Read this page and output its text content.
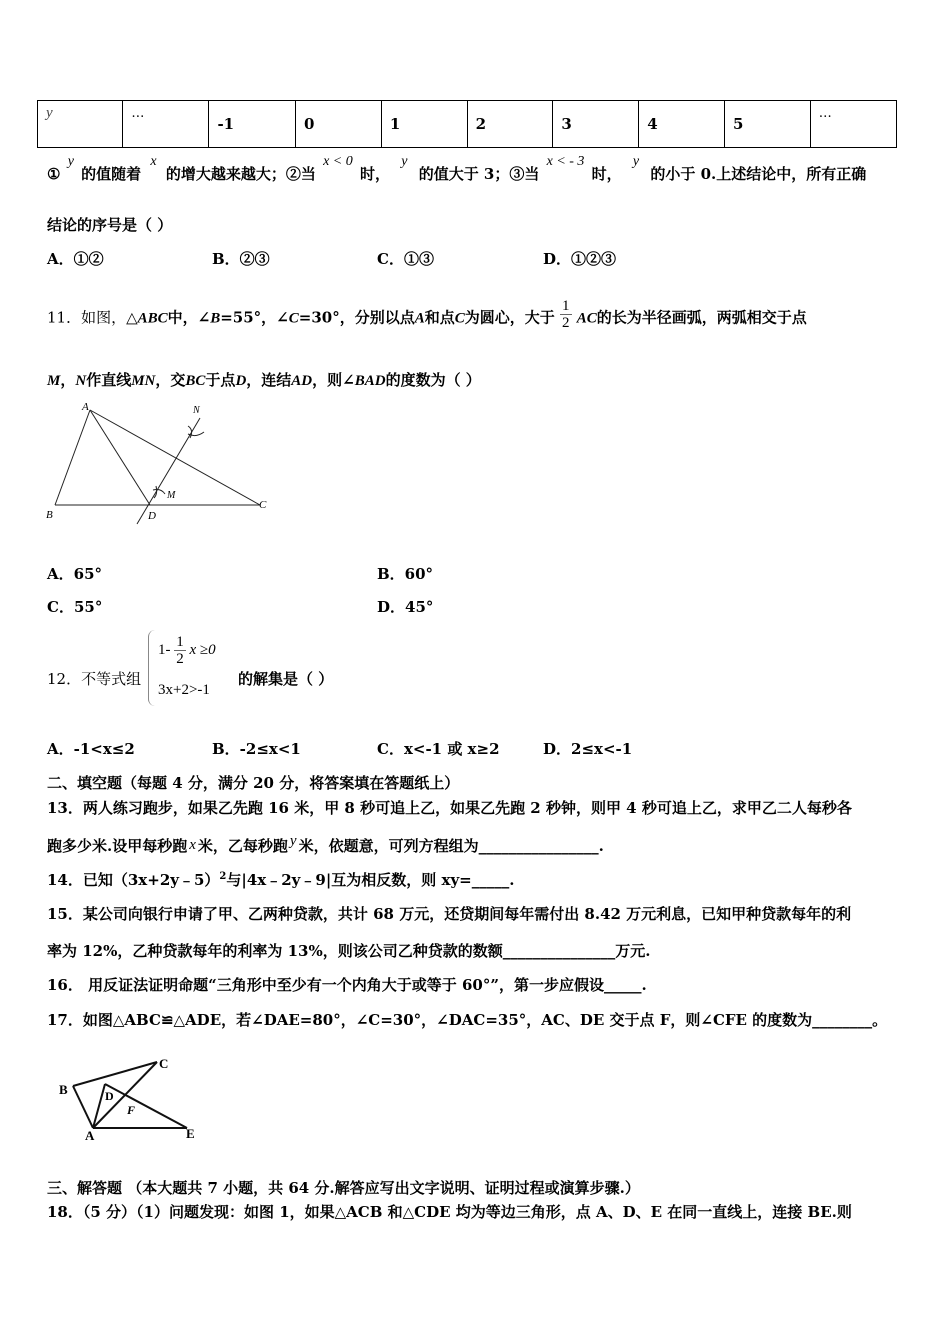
y	…	-1	0	1	2	3	4	5	…
① y 的值随着 x 的增大越来越大；②当 x < 0 时， y 的值大于 3；③当 x < - 3 时， y 的小于 0.上述结论中，所有正确
结论的序号是（ ）
A．①②	B．②③	C．①③	D．①②③
11．如图，△ABC中，∠B=55°，∠C=30°，分别以点A和点C为圆心，大于 $\frac{1}{2}$ AC的长为半径画弧，两弧相交于点
M，N作直线MN，交BC于点D，连结AD，则∠BAD的度数为（ ）
A
B
C
D
M
N
A．65°	B．60°
C．55°	D．45°
12．不等式组
$1- \frac{1}{2}$ x ≥0
3x+2>-1
的解集是（ ）
A．-1<x≤2	B．-2≤x<1	C．x<-1 或 x≥2	D．2≤x<-1
二、填空题（每题 4 分，满分 20 分，将答案填在答题纸上）
13．两人练习跑步，如果乙先跑 16 米，甲 8 秒可追上乙，如果乙先跑 2 秒钟，则甲 4 秒可追上乙，求甲乙二人每秒各
跑多少米.设甲每秒跑 x 米，乙每秒跑 y 米，依题意，可列方程组为________________.
14．已知（3x+2y﹣5）$^2$与|4x﹣2y﹣9|互为相反数，则 xy=_____.
15．某公司向银行申请了甲、乙两种贷款，共计 68 万元，还贷期间每年需付出 8.42 万元利息，已知甲种贷款每年的利
率为 12%，乙种贷款每年的利率为 13%，则该公司乙种贷款的数额_______________万元.
16． 用反证法证明命题“三角形中至少有一个内角大于或等于 60°”，第一步应假设_____.
17．如图△ABC≌△ADE，若∠DAE=80°，∠C=30°，∠DAC=35°，AC、DE 交于点 F，则∠CFE 的度数为________。
B
C
D
F
A	E
三、解答题 （本大题共 7 小题，共 64 分.解答应写出文字说明、证明过程或演算步骤.）
18．（5 分）（1）问题发现：如图 1，如果△ACB 和△CDE 均为等边三角形，点 A、D、E 在同一直线上，连接 BE.则
